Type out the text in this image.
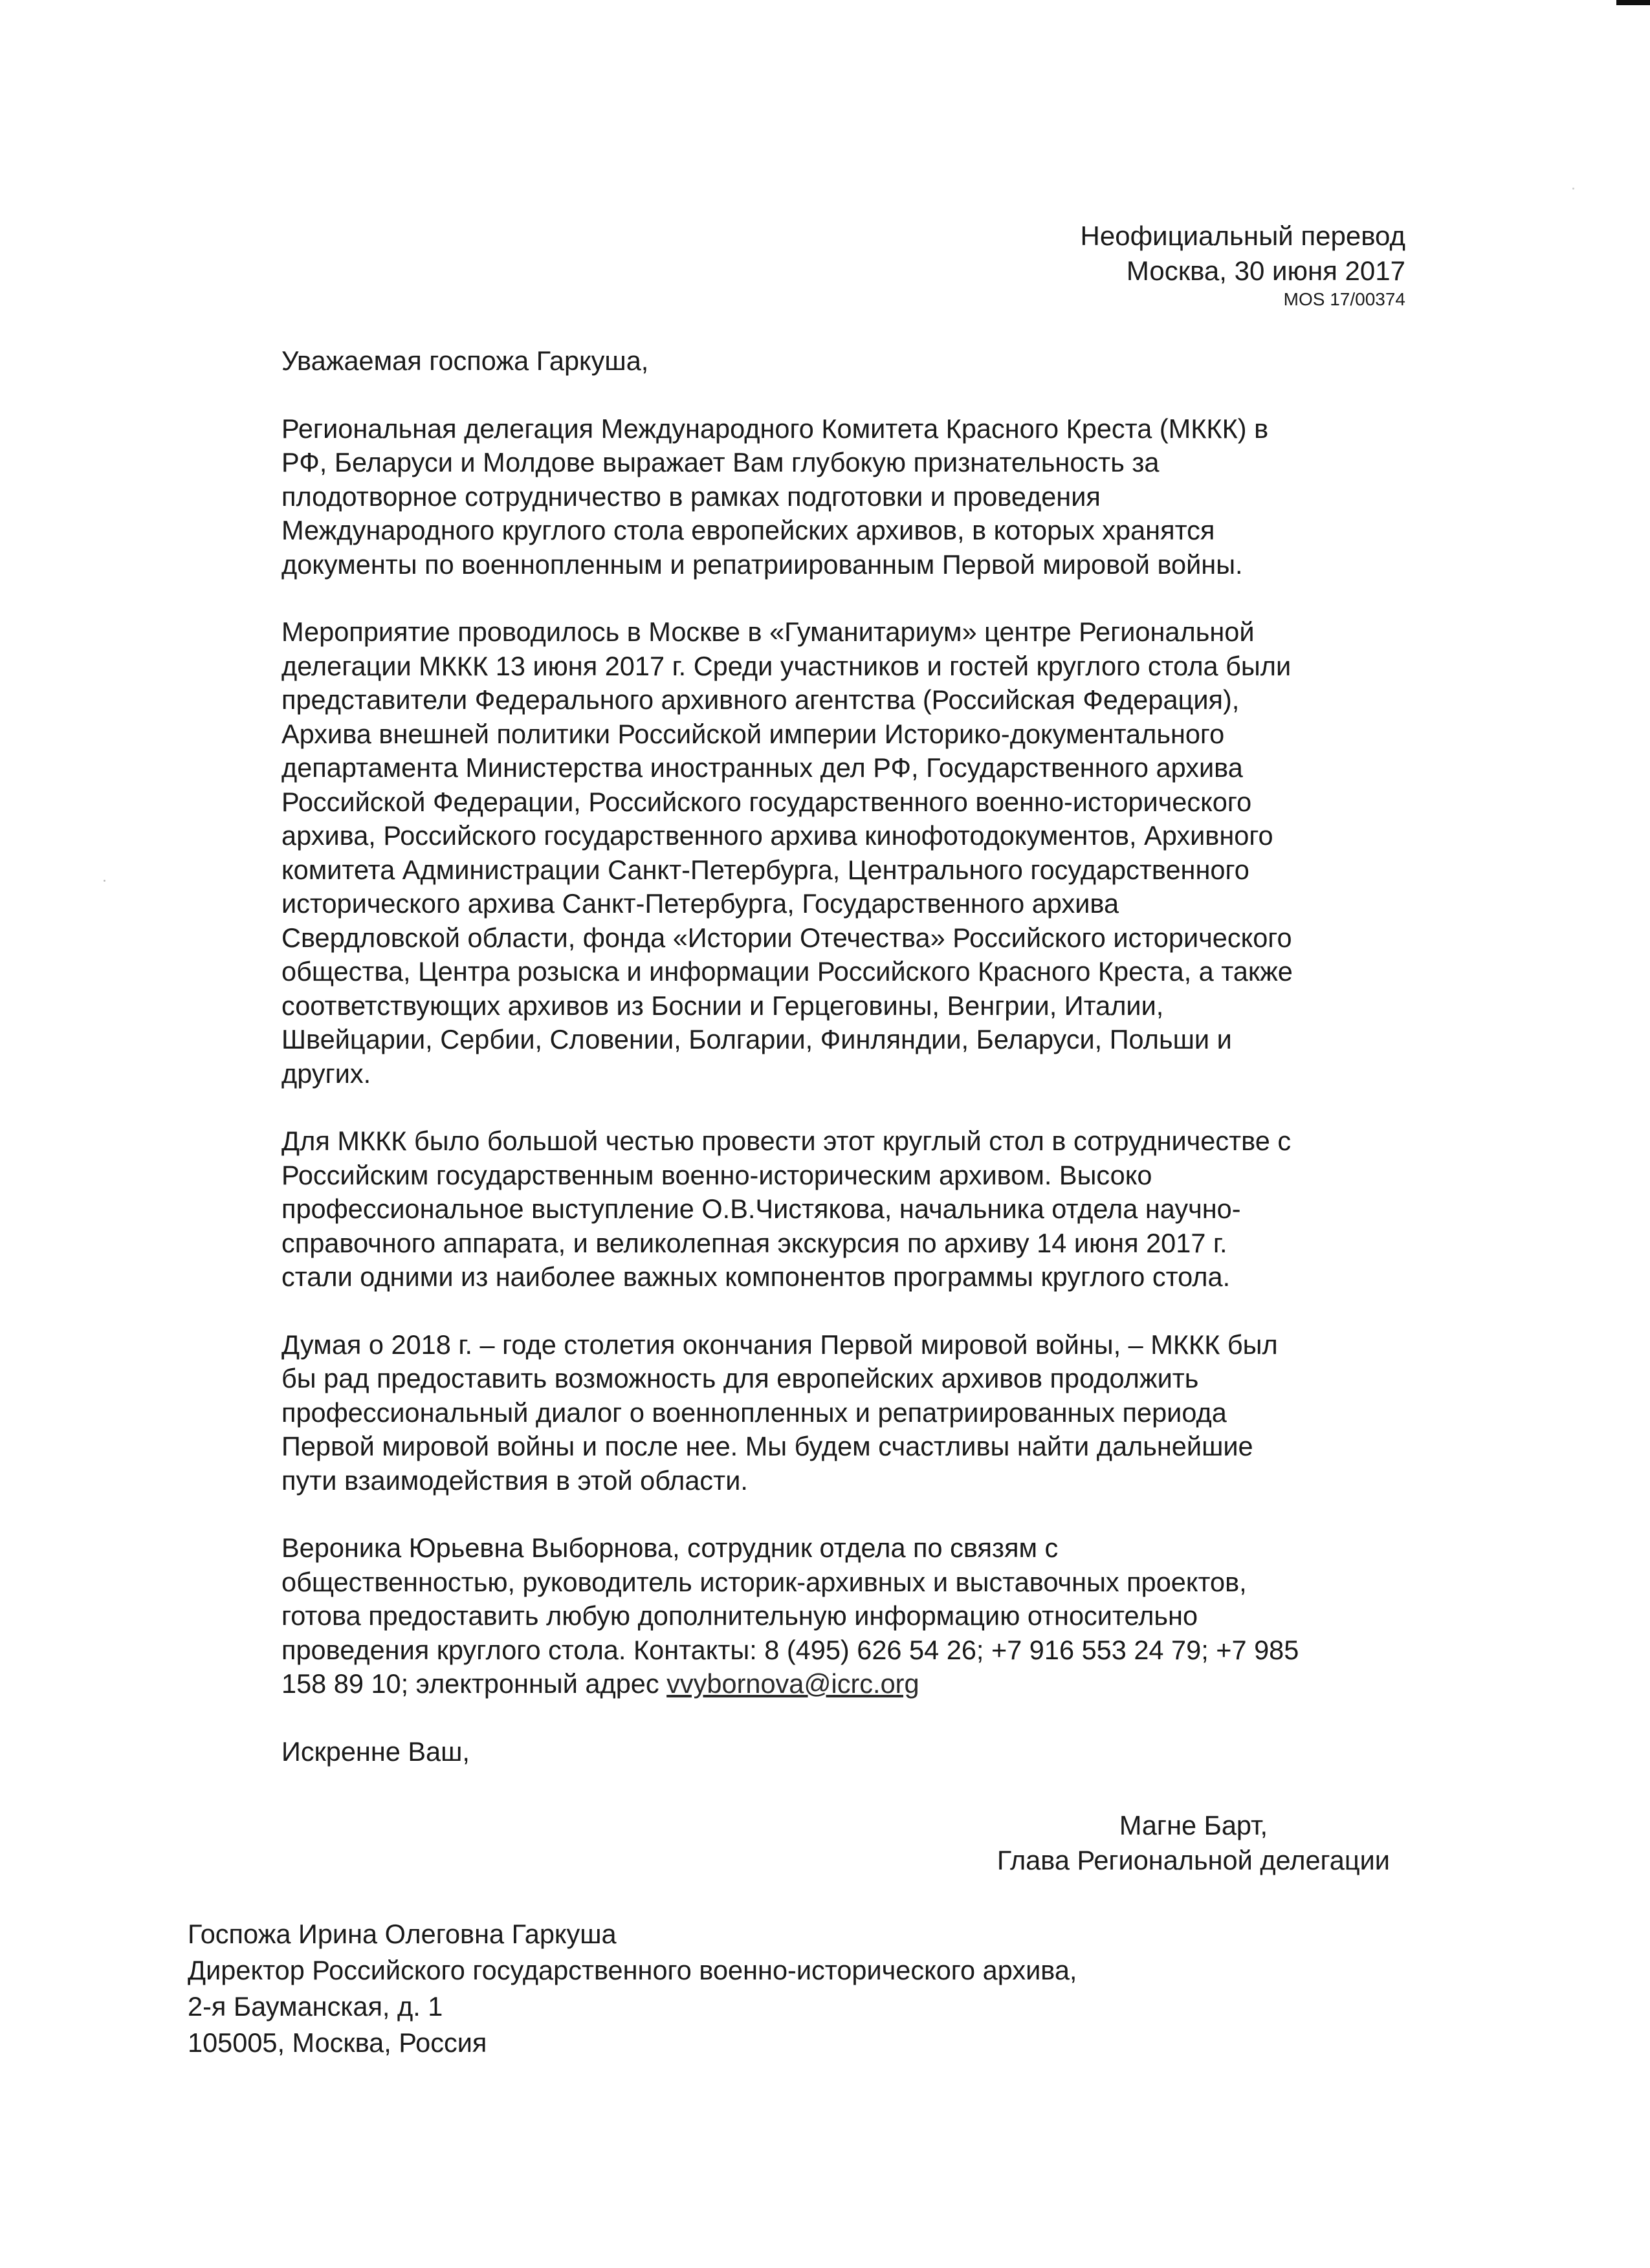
Неофициальный перевод
Москва, 30 июня 2017
MOS 17/00374

Уважаемая госпожа Гаркуша,

Региональная делегация Международного Комитета Красного Креста (МККК) в
РФ, Беларуси и Молдове выражает Вам глубокую признательность за
плодотворное сотрудничество в рамках подготовки и проведения
Международного круглого стола европейских архивов, в которых хранятся
документы по военнопленным и репатриированным Первой мировой войны.

Мероприятие проводилось в Москве в «Гуманитариум» центре Региональной
делегации МККК 13 июня 2017 г. Среди участников и гостей круглого стола были
представители Федерального архивного агентства (Российская Федерация),
Архива внешней политики Российской империи Историко-документального
департамента Министерства иностранных дел РФ, Государственного архива
Российской Федерации, Российского государственного военно-исторического
архива, Российского государственного архива кинофотодокументов, Архивного
комитета Администрации Санкт-Петербурга, Центрального государственного
исторического архива Санкт-Петербурга, Государственного архива
Свердловской области, фонда «Истории Отечества» Российского исторического
общества, Центра розыска и информации Российского Красного Креста, а также
соответствующих архивов из Боснии и Герцеговины, Венгрии, Италии,
Швейцарии, Сербии, Словении, Болгарии, Финляндии, Беларуси, Польши и
других.

Для МККК было большой честью провести этот круглый стол в сотрудничестве с
Российским государственным военно-историческим архивом. Высоко
профессиональное выступление О.В.Чистякова, начальника отдела научно-
справочного аппарата, и великолепная экскурсия по архиву 14 июня 2017 г.
стали одними из наиболее важных компонентов программы круглого стола.

Думая о 2018 г. – годе столетия окончания Первой мировой войны, – МККК был
бы рад предоставить возможность для европейских архивов продолжить
профессиональный диалог о военнопленных и репатриированных периода
Первой мировой войны и после нее. Мы будем счастливы найти дальнейшие
пути взаимодействия в этой области.

Вероника Юрьевна Выборнова, сотрудник отдела по связям с
общественностью, руководитель историк-архивных и выставочных проектов,
готова предоставить любую дополнительную информацию относительно
проведения круглого стола. Контакты: 8 (495) 626 54 26; +7 916 553 24 79; +7 985
158 89 10; электронный адрес vvybornova@icrc.org

Искренне Ваш,

Магне Барт,
Глава Региональной делегации
Госпожа Ирина Олеговна Гаркуша
Директор Российского государственного военно-исторического архива,
2-я Бауманская, д. 1
105005, Москва, Россия
